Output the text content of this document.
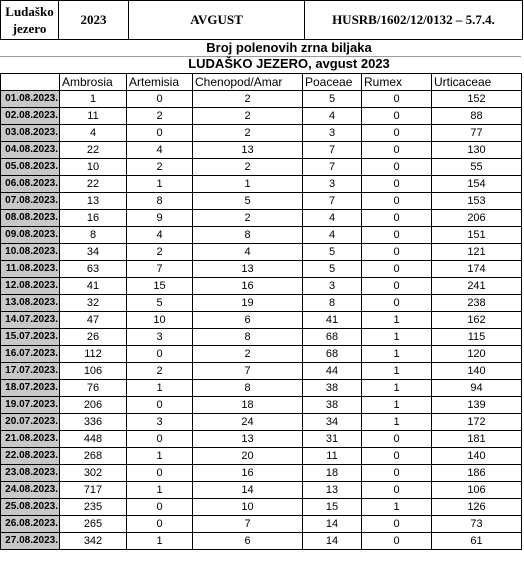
Ludaško
jezero
	2023	AVGUST	HUSRB/1602/12/0132 – 5.7.4.
Broj polenovih zrna biljaka
LUDAŠKO JEZERO, avgust 2023
	Ambrosia	Artemisia	Chenopod/Amar	Poaceae	Rumex	Urticaceae
01.08.2023.	1	0	2	5	0	152
02.08.2023.	11	2	2	4	0	88
03.08.2023.	4	0	2	3	0	77
04.08.2023.	22	4	13	7	0	130
05.08.2023.	10	2	2	7	0	55
06.08.2023.	22	1	1	3	0	154
07.08.2023.	13	8	5	7	0	153
08.08.2023.	16	9	2	4	0	206
09.08.2023.	8	4	8	4	0	151
10.08.2023.	34	2	4	5	0	121
11.08.2023.	63	7	13	5	0	174
12.08.2023.	41	15	16	3	0	241
13.08.2023.	32	5	19	8	0	238
14.07.2023.	47	10	6	41	1	162
15.07.2023.	26	3	8	68	1	115
16.07.2023.	112	0	2	68	1	120
17.07.2023.	106	2	7	44	1	140
18.07.2023.	76	1	8	38	1	94
19.07.2023.	206	0	18	38	1	139
20.07.2023.	336	3	24	34	1	172
21.08.2023.	448	0	13	31	0	181
22.08.2023.	268	1	20	11	0	140
23.08.2023.	302	0	16	18	0	186
24.08.2023.	717	1	14	13	0	106
25.08.2023.	235	0	10	15	1	126
26.08.2023.	265	0	7	14	0	73
27.08.2023.	342	1	6	14	0	61
